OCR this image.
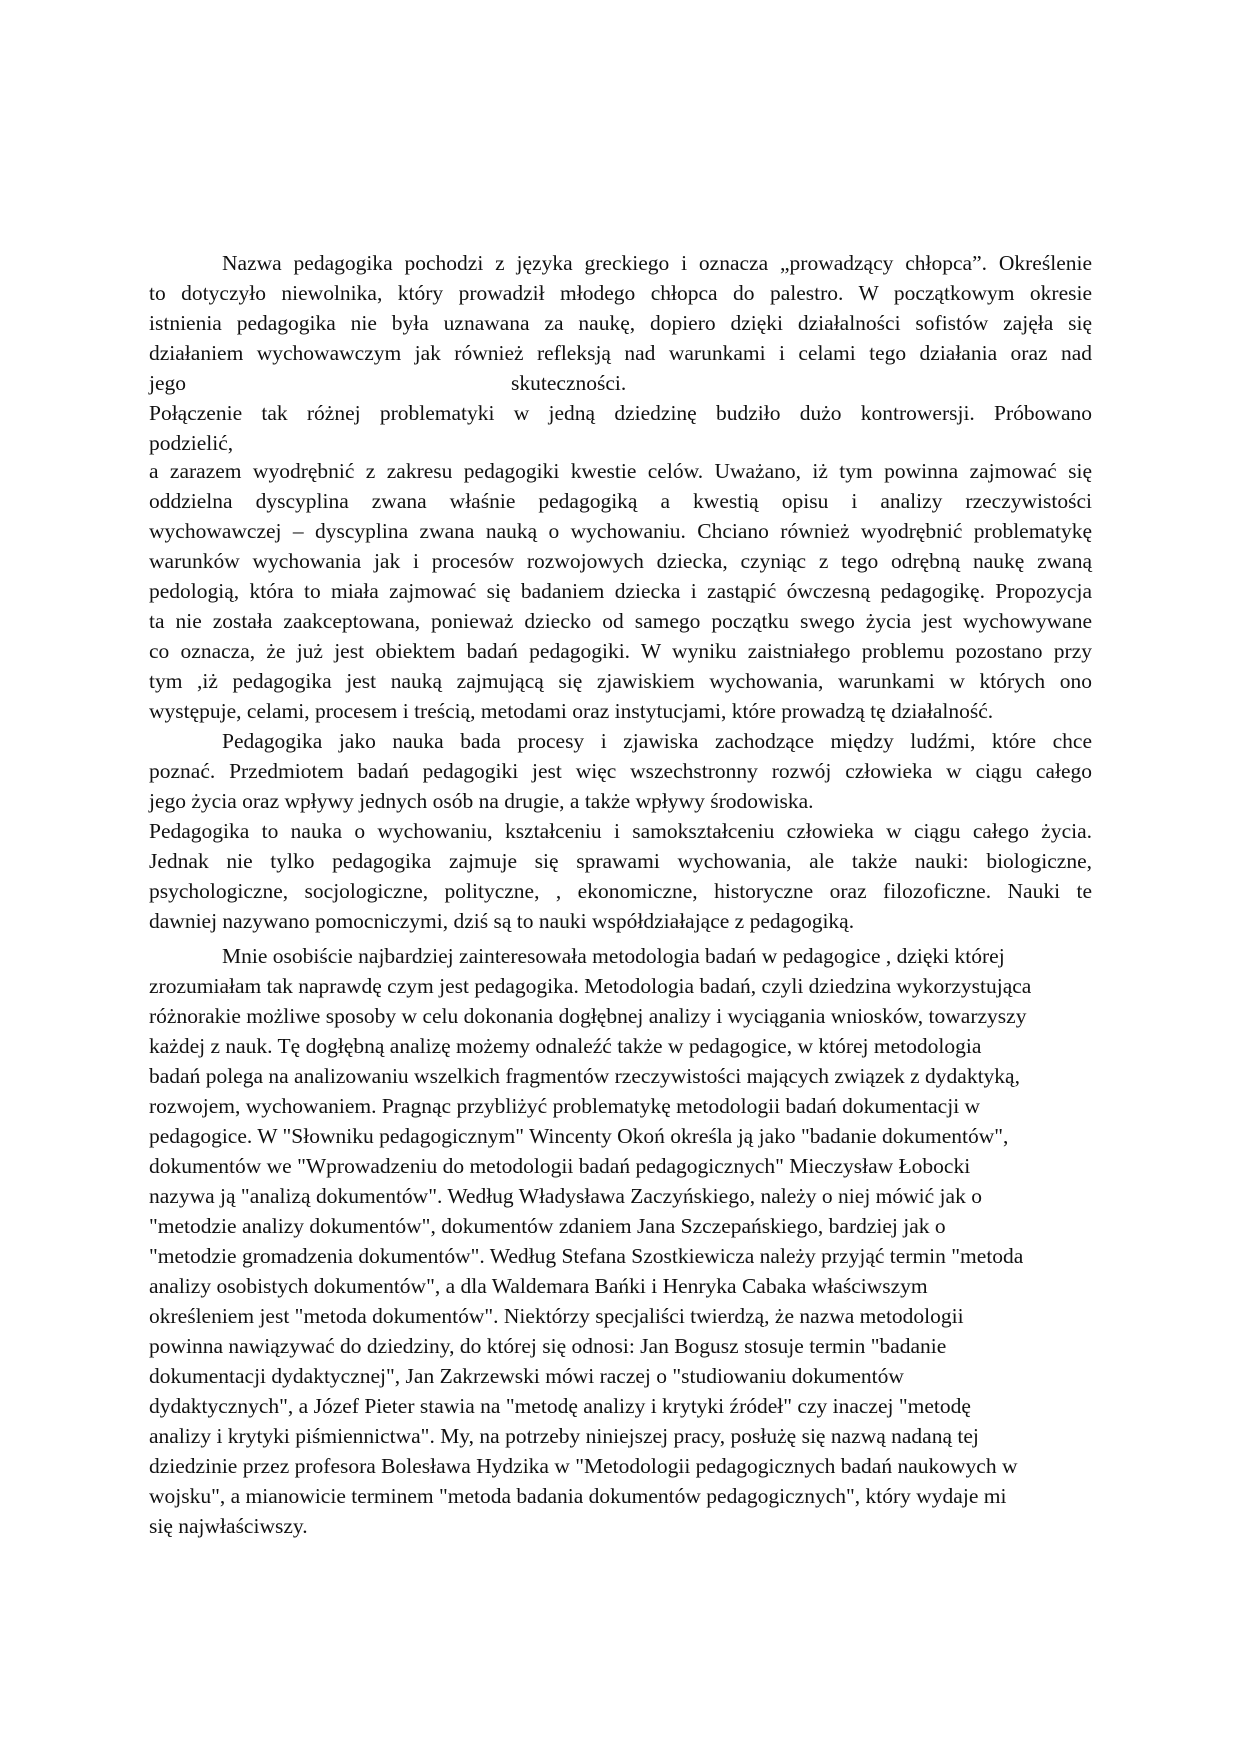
Nazwa pedagogika pochodzi z języka greckiego i oznacza „prowadzący chłopca”. Określenie

to dotyczyło niewolnika, który prowadził młodego chłopca do palestro. W początkowym okresie

istnienia pedagogika nie była uznawana za naukę, dopiero dzięki działalności sofistów zajęła się

działaniem wychowawczym jak również refleksją nad warunkami i celami tego działania oraz nad

jego	skuteczności.

Połączenie tak różnej problematyki w jedną dziedzinę budziło dużo kontrowersji. Próbowano

podzielić,

a zarazem wyodrębnić z zakresu pedagogiki kwestie celów. Uważano, iż tym powinna zajmować się

oddzielna dyscyplina zwana właśnie pedagogiką a kwestią opisu i analizy rzeczywistości

wychowawczej – dyscyplina zwana nauką o wychowaniu. Chciano również wyodrębnić problematykę

warunków wychowania jak i procesów rozwojowych dziecka, czyniąc z tego odrębną naukę zwaną

pedologią, która to miała zajmować się badaniem dziecka i zastąpić ówczesną pedagogikę. Propozycja

ta nie została zaakceptowana, ponieważ dziecko od samego początku swego życia jest wychowywane

co oznacza, że już jest obiektem badań pedagogiki. W wyniku zaistniałego problemu pozostano przy

tym ,iż pedagogika jest nauką zajmującą się zjawiskiem wychowania, warunkami w których ono

występuje, celami, procesem i treścią, metodami oraz instytucjami, które prowadzą tę działalność.

Pedagogika jako nauka bada procesy i zjawiska zachodzące między ludźmi, które chce

poznać. Przedmiotem badań pedagogiki jest więc wszechstronny rozwój człowieka w ciągu całego

jego życia oraz wpływy jednych osób na drugie, a także wpływy środowiska.

Pedagogika to nauka o wychowaniu, kształceniu i samokształceniu człowieka w ciągu całego życia.

Jednak nie tylko pedagogika zajmuje się sprawami wychowania, ale także nauki: biologiczne,

psychologiczne, socjologiczne, polityczne, , ekonomiczne, historyczne oraz filozoficzne. Nauki te

dawniej nazywano pomocniczymi, dziś są to nauki współdziałające z pedagogiką.

Mnie osobiście najbardziej zainteresowała metodologia badań w pedagogice , dzięki której

zrozumiałam tak naprawdę czym jest pedagogika. Metodologia badań, czyli dziedzina wykorzystująca

różnorakie możliwe sposoby w celu dokonania dogłębnej analizy i wyciągania wniosków, towarzyszy

każdej z nauk. Tę dogłębną analizę możemy odnaleźć także w pedagogice, w której metodologia

badań polega na analizowaniu wszelkich fragmentów rzeczywistości mających związek z dydaktyką,

rozwojem, wychowaniem. Pragnąc przybliżyć problematykę metodologii badań dokumentacji w

pedagogice. W "Słowniku pedagogicznym" Wincenty Okoń określa ją jako "badanie dokumentów",

dokumentów we "Wprowadzeniu do metodologii badań pedagogicznych" Mieczysław Łobocki

nazywa ją "analizą dokumentów". Według Władysława Zaczyńskiego, należy o niej mówić jak o

"metodzie analizy dokumentów", dokumentów zdaniem Jana Szczepańskiego, bardziej jak o

"metodzie gromadzenia dokumentów". Według Stefana Szostkiewicza należy przyjąć termin "metoda

analizy osobistych dokumentów", a dla Waldemara Bańki i Henryka Cabaka właściwszym

określeniem jest "metoda dokumentów". Niektórzy specjaliści twierdzą, że nazwa metodologii

powinna nawiązywać do dziedziny, do której się odnosi: Jan Bogusz stosuje termin "badanie

dokumentacji dydaktycznej", Jan Zakrzewski mówi raczej o "studiowaniu dokumentów

dydaktycznych", a Józef Pieter stawia na "metodę analizy i krytyki źródeł" czy inaczej "metodę

analizy i krytyki piśmiennictwa". My, na potrzeby niniejszej pracy, posłużę się nazwą nadaną tej

dziedzinie przez profesora Bolesława Hydzika w "Metodologii pedagogicznych badań naukowych w

wojsku", a mianowicie terminem "metoda badania dokumentów pedagogicznych", który wydaje mi

się najwłaściwszy.
